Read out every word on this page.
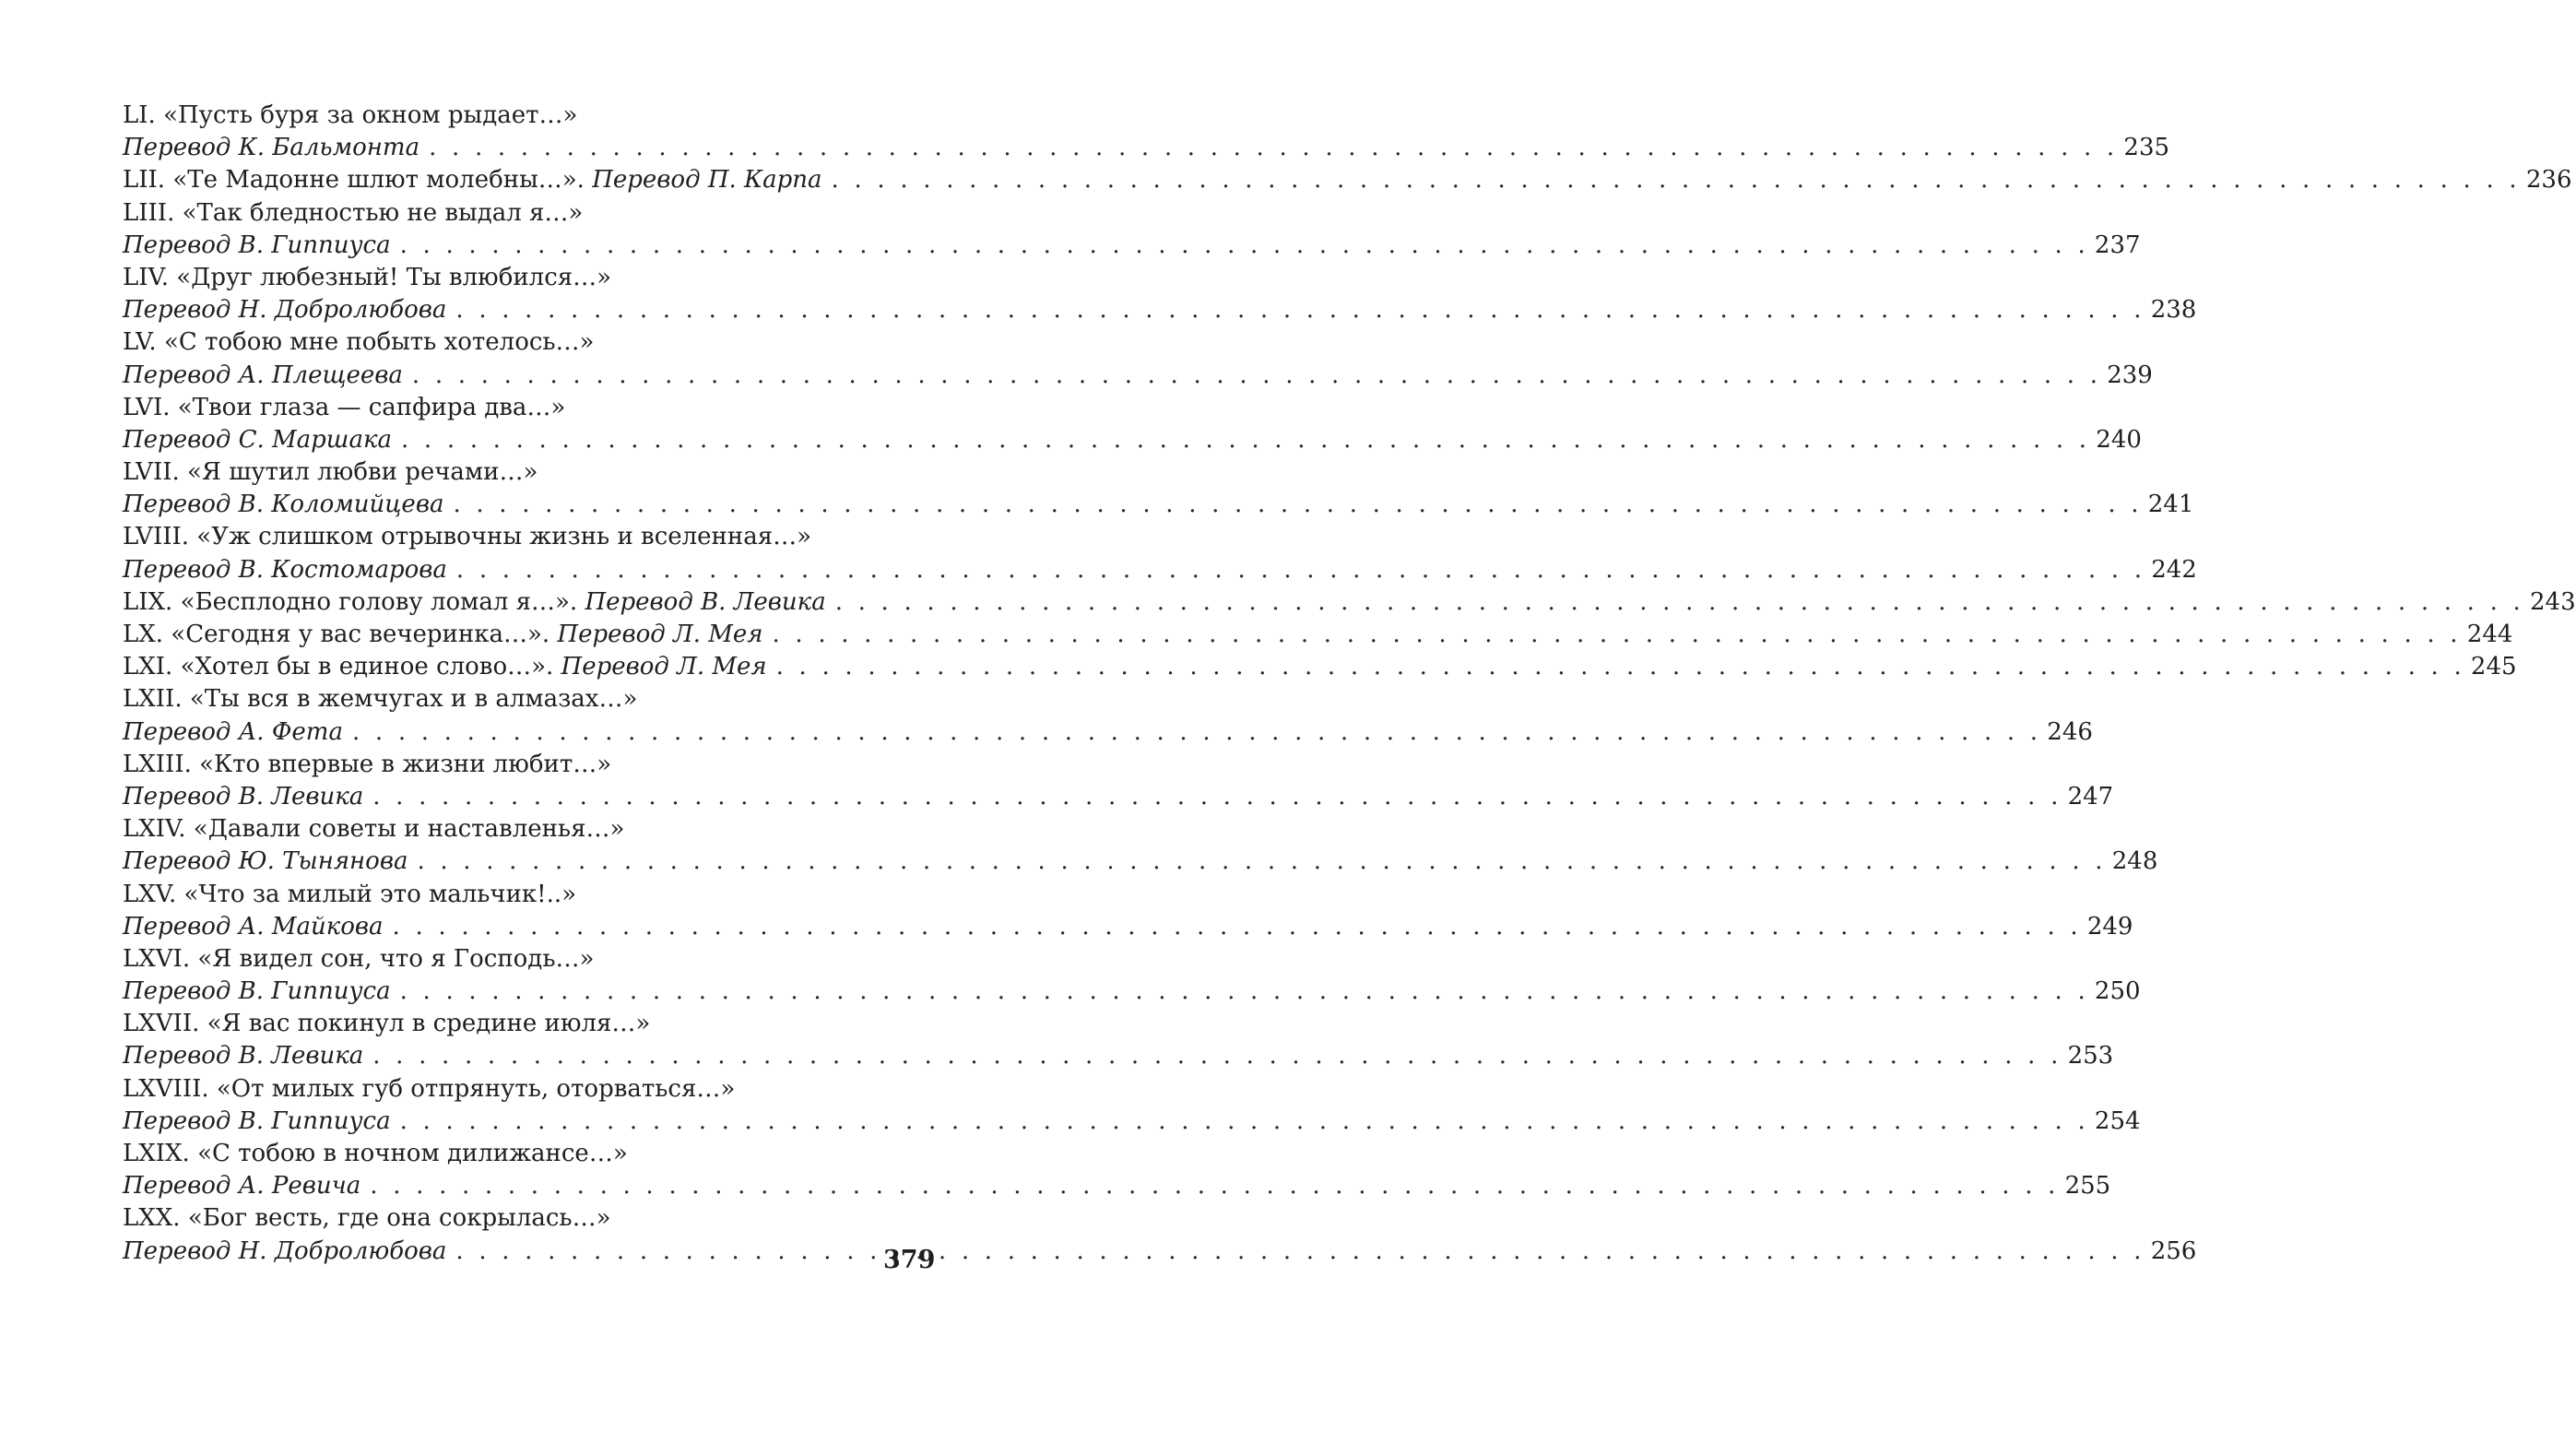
LI. «Пусть буря за окном рыдает…»
Перевод К. Бальмонта . . .	235
LII. «Те Мадонне шлют молебны…».
Перевод П. Карпа . . .	236
LIII. «Так бледностью не выдал я…»
Перевод В. Гиппиуса . . .	237
LIV. «Друг любезный! Ты влюбился…»
Перевод Н. Добролюбова . . .	238
LV. «С тобою мне побыть хотелось…»
Перевод А. Плещеева . . .	239
LVI. «Твои глаза — сапфира два…»
Перевод С. Маршака . . .	240
LVII. «Я шутил любви речами…»
Перевод В. Коломийцева . . .	241
LVIII. «Уж слишком отрывочны жизнь и вселенная…»
Перевод В. Костомарова . . .	242
LIX. «Бесплодно голову ломал я…».
Перевод В. Левика . . .	243
LX. «Сегодня у вас вечеринка…».
Перевод Л. Мея . . .	244
LXI. «Хотел бы в единое слово…».
Перевод Л. Мея . . .	245
LXII. «Ты вся в жемчугах и в алмазах…»
Перевод А. Фета . . .	246
LXIII. «Кто впервые в жизни любит…»
Перевод В. Левика . . .	247
LXIV. «Давали советы и наставленья…»
Перевод Ю. Тынянова . . .	248
LXV. «Что за милый это мальчик!..»
Перевод А. Майкова . . .	249
LXVI. «Я видел сон, что я Господь…»
Перевод В. Гиппиуса . . .	250
LXVII. «Я вас покинул в средине июля…»
Перевод В. Левика . . .	253
LXVIII. «От милых губ отпрянуть, оторваться…»
Перевод В. Гиппиуса . . .	254
LXIX. «С тобою в ночном дилижансе…»
Перевод А. Ревича . . .	255
LXX. «Бог весть, где она сокрылась…»
Перевод Н. Добролюбова . . .	256
379
